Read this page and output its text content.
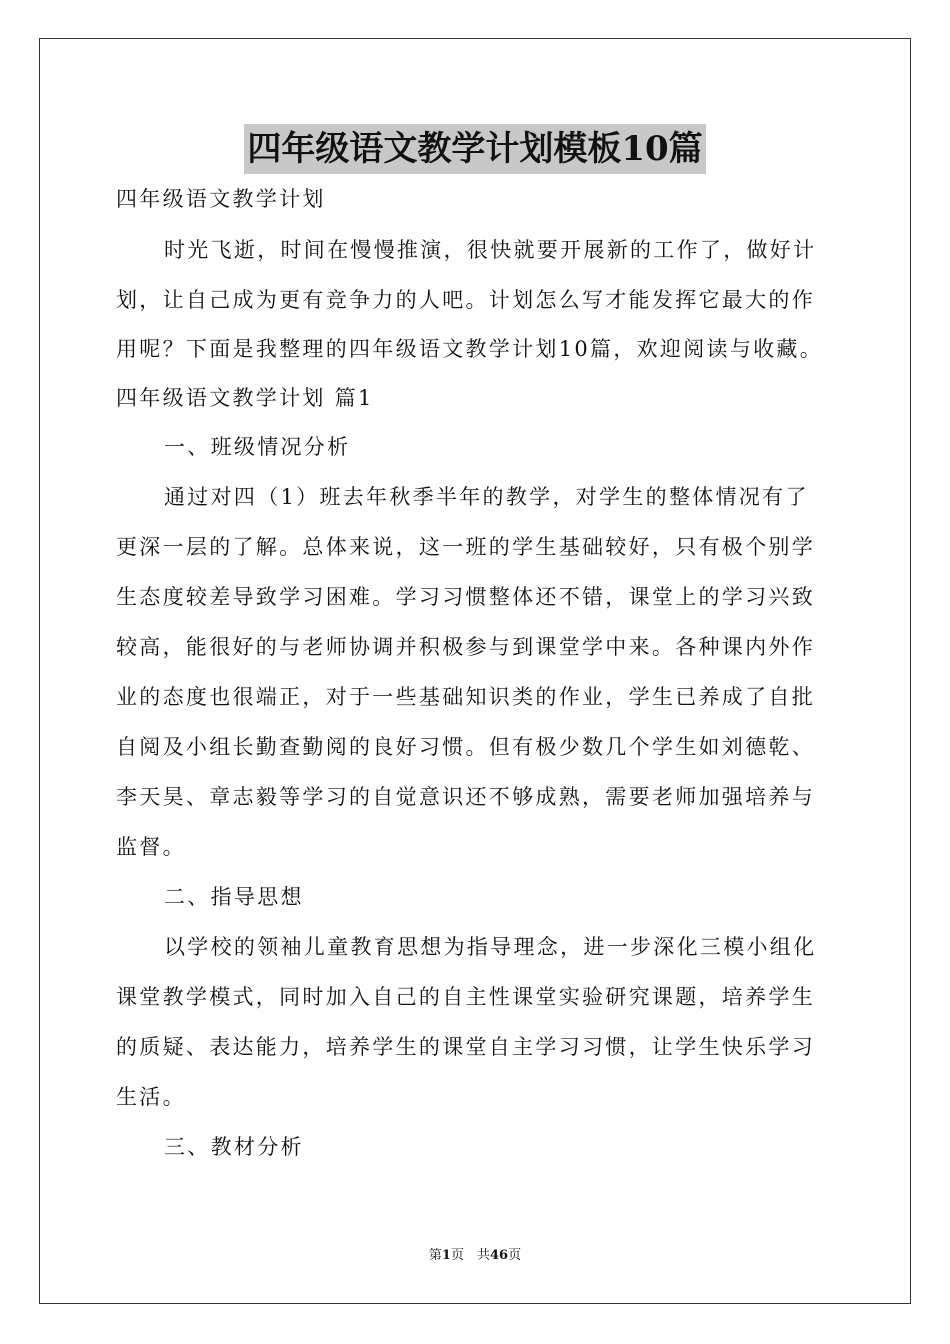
四年级语文教学计划模板10篇
四年级语文教学计划
时光飞逝，时间在慢慢推演，很快就要开展新的工作了，做好计
划，让自己成为更有竞争力的人吧。计划怎么写才能发挥它最大的作
用呢？下面是我整理的四年级语文教学计划10篇，欢迎阅读与收藏。
四年级语文教学计划 篇1
一、班级情况分析
通过对四（1）班去年秋季半年的教学，对学生的整体情况有了
更深一层的了解。总体来说，这一班的学生基础较好，只有极个别学
生态度较差导致学习困难。学习习惯整体还不错，课堂上的学习兴致
较高，能很好的与老师协调并积极参与到课堂学中来。各种课内外作
业的态度也很端正，对于一些基础知识类的作业，学生已养成了自批
自阅及小组长勤查勤阅的良好习惯。但有极少数几个学生如刘德乾、
李天昊、章志毅等学习的自觉意识还不够成熟，需要老师加强培养与
监督。
二、指导思想
以学校的领袖儿童教育思想为指导理念，进一步深化三模小组化
课堂教学模式，同时加入自己的自主性课堂实验研究课题，培养学生
的质疑、表达能力，培养学生的课堂自主学习习惯，让学生快乐学习
生活。
三、教材分析
第1页　共46页
